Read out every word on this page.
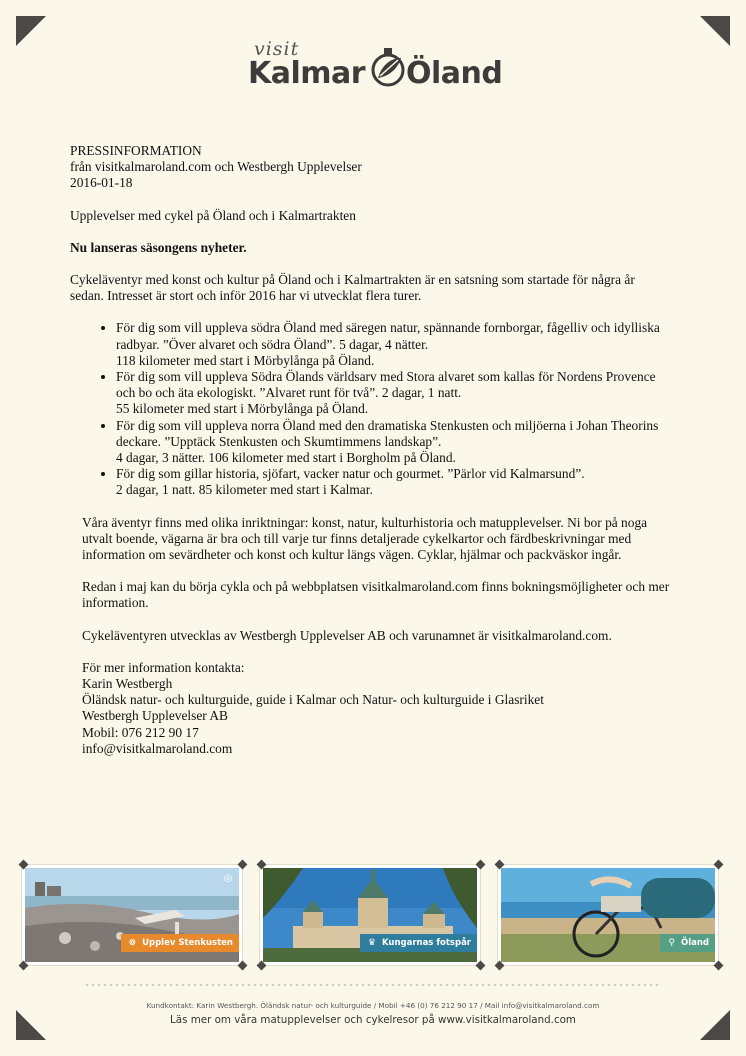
visit
Kalmar Öland

PRESSINFORMATION

från visitkalmaroland.com och Westbergh Upplevelser

2016-01-18

Upplevelser med cykel på Öland och i Kalmartrakten

Nu lanseras säsongens nyheter.

Cykeläventyr med konst och kultur på Öland och i Kalmartrakten är en satsning som startade för några år sedan. Intresset är stort och inför 2016 har vi utvecklat flera turer.

• För dig som vill uppleva södra Öland med säregen natur, spännande fornborgar, fågelliv och idylliska radbyar. ”Över alvaret och södra Öland”. 5 dagar, 4 nätter.
118 kilometer med start i Mörbylånga på Öland.
• För dig som vill uppleva Södra Ölands världsarv med Stora alvaret som kallas för Nordens Provence och bo och äta ekologiskt. ”Alvaret runt för två”. 2 dagar, 1 natt.
55 kilometer med start i Mörbylånga på Öland.
• För dig som vill uppleva norra Öland med den dramatiska Stenkusten och miljöerna i Johan Theorins deckare. ”Upptäck Stenkusten och Skumtimmens landskap”.
4 dagar, 3 nätter. 106 kilometer med start i Borgholm på Öland.
• För dig som gillar historia, sjöfart, vacker natur och gourmet. ”Pärlor vid Kalmarsund”.
2 dagar, 1 natt. 85 kilometer med start i Kalmar.

Våra äventyr finns med olika inriktningar: konst, natur, kulturhistoria och matupplevelser. Ni bor på noga utvalt boende, vägarna är bra och till varje tur finns detaljerade cykelkartor och färdbeskrivningar med information om sevärdheter och konst och kultur längs vägen. Cyklar, hjälmar och packväskor ingår.

Redan i maj kan du börja cykla och på webbplatsen visitkalmaroland.com finns bokningsmöjligheter och mer information.

Cykeläventyren utvecklas av Westbergh Upplevelser AB och varunamnet är visitkalmaroland.com.

För mer information kontakta:

Karin Westbergh

Öländsk natur- och kulturguide, guide i Kalmar och Natur- och kulturguide i Glasriket

Westbergh Upplevelser AB

Mobil: 076 212 90 17

info@visitkalmaroland.com

◎
⊚ Upplev Stenkusten	♛ Kungarnas fotspår	⚲ Öland
Kundkontakt: Karin Westbergh. Öländsk natur- och kulturguide / Mobil +46 (0) 76 212 90 17 / Mail info@visitkalmaroland.com
Läs mer om våra matupplevelser och cykelresor på www.visitkalmaroland.com
